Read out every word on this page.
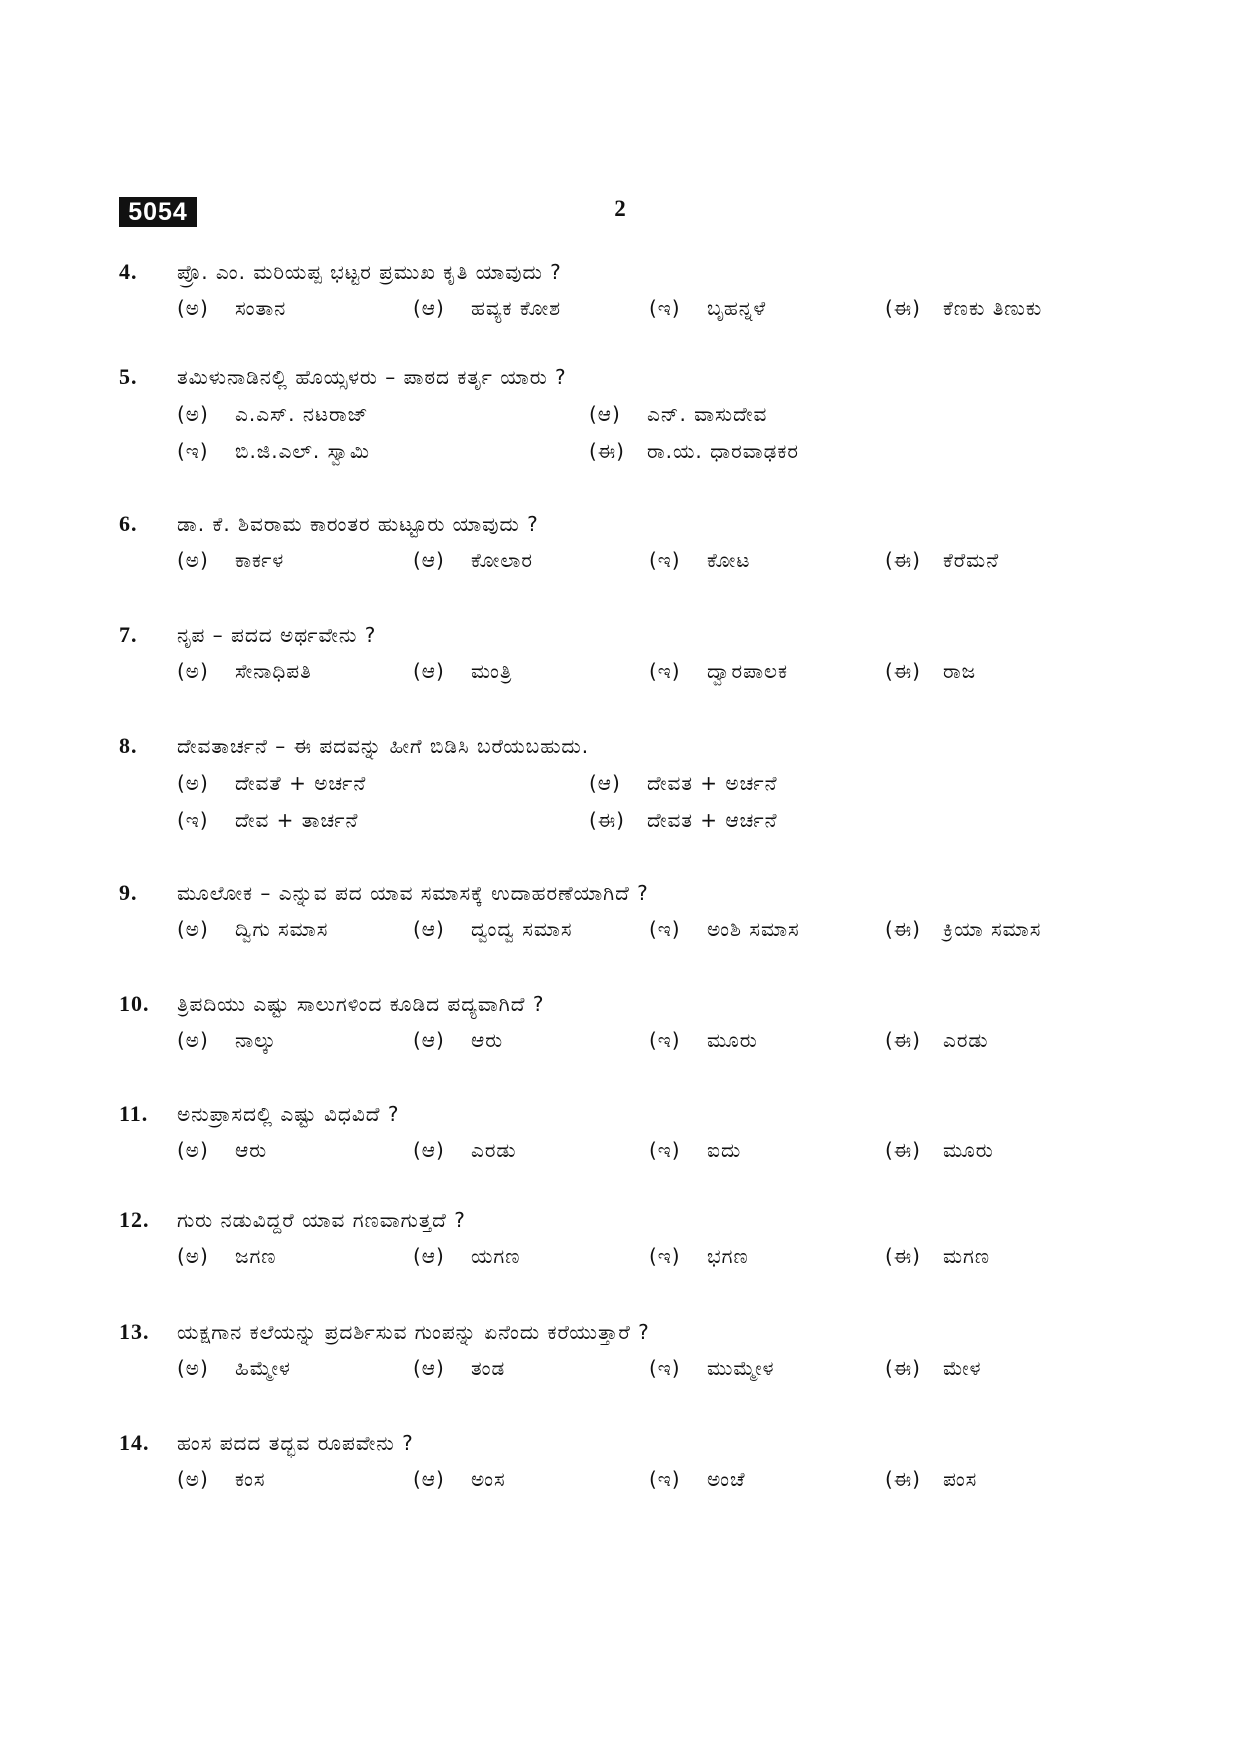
5054	2
4. ಪ್ರೊ. ಎಂ. ಮರಿಯಪ್ಪ ಭಟ್ಟರ ಪ್ರಮುಖ ಕೃತಿ ಯಾವುದು ?
(ಅ) ಸಂತಾನ	(ಆ) ಹವ್ಯಕ ಕೋಶ	(ಇ) ಬೃಹನ್ನಳೆ	(ಈ) ಕೆಣಕು ತಿಣುಕು
5. ತಮಿಳುನಾಡಿನಲ್ಲಿ ಹೊಯ್ಸಳರು – ಪಾಠದ ಕರ್ತೃ ಯಾರು ?
(ಅ) ಎ.ಎಸ್. ನಟರಾಜ್	(ಆ) ಎನ್. ವಾಸುದೇವ
(ಇ) ಬಿ.ಜಿ.ಎಲ್. ಸ್ವಾಮಿ	(ಈ) ರಾ.ಯ. ಧಾರವಾಢಕರ
6. ಡಾ. ಕೆ. ಶಿವರಾಮ ಕಾರಂತರ ಹುಟ್ಟೂರು ಯಾವುದು ?
(ಅ) ಕಾರ್ಕಳ	(ಆ) ಕೋಲಾರ	(ಇ) ಕೋಟ	(ಈ) ಕೆರೆಮನೆ
7. ನೃಪ – ಪದದ ಅರ್ಥವೇನು ?
(ಅ) ಸೇನಾಧಿಪತಿ	(ಆ) ಮಂತ್ರಿ	(ಇ) ದ್ವಾರಪಾಲಕ	(ಈ) ರಾಜ
8. ದೇವತಾರ್ಚನೆ – ಈ ಪದವನ್ನು ಹೀಗೆ ಬಿಡಿಸಿ ಬರೆಯಬಹುದು.
(ಅ) ದೇವತೆ + ಅರ್ಚನೆ	(ಆ) ದೇವತ + ಅರ್ಚನೆ
(ಇ) ದೇವ + ತಾರ್ಚನೆ	(ಈ) ದೇವತ + ಆರ್ಚನೆ
9. ಮೂಲೋಕ – ಎನ್ನುವ ಪದ ಯಾವ ಸಮಾಸಕ್ಕೆ ಉದಾಹರಣೆಯಾಗಿದೆ ?
(ಅ) ದ್ವಿಗು ಸಮಾಸ	(ಆ) ದ್ವಂದ್ವ ಸಮಾಸ	(ಇ) ಅಂಶಿ ಸಮಾಸ	(ಈ) ಕ್ರಿಯಾ ಸಮಾಸ
10. ತ್ರಿಪದಿಯು ಎಷ್ಟು ಸಾಲುಗಳಿಂದ ಕೂಡಿದ ಪದ್ಯವಾಗಿದೆ ?
(ಅ) ನಾಲ್ಕು	(ಆ) ಆರು	(ಇ) ಮೂರು	(ಈ) ಎರಡು
11. ಅನುಪ್ರಾಸದಲ್ಲಿ ಎಷ್ಟು ವಿಧವಿದೆ ?
(ಅ) ಆರು	(ಆ) ಎರಡು	(ಇ) ಐದು	(ಈ) ಮೂರು
12. ಗುರು ನಡುವಿದ್ದರೆ ಯಾವ ಗಣವಾಗುತ್ತದೆ ?
(ಅ) ಜಗಣ	(ಆ) ಯಗಣ	(ಇ) ಭಗಣ	(ಈ) ಮಗಣ
13. ಯಕ್ಷಗಾನ ಕಲೆಯನ್ನು ಪ್ರದರ್ಶಿಸುವ ಗುಂಪನ್ನು ಏನೆಂದು ಕರೆಯುತ್ತಾರೆ ?
(ಅ) ಹಿಮ್ಮೇಳ	(ಆ) ತಂಡ	(ಇ) ಮುಮ್ಮೇಳ	(ಈ) ಮೇಳ
14. ಹಂಸ ಪದದ ತದ್ಭವ ರೂಪವೇನು ?
(ಅ) ಕಂಸ	(ಆ) ಅಂಸ	(ಇ) ಅಂಚೆ	(ಈ) ಪಂಸ
